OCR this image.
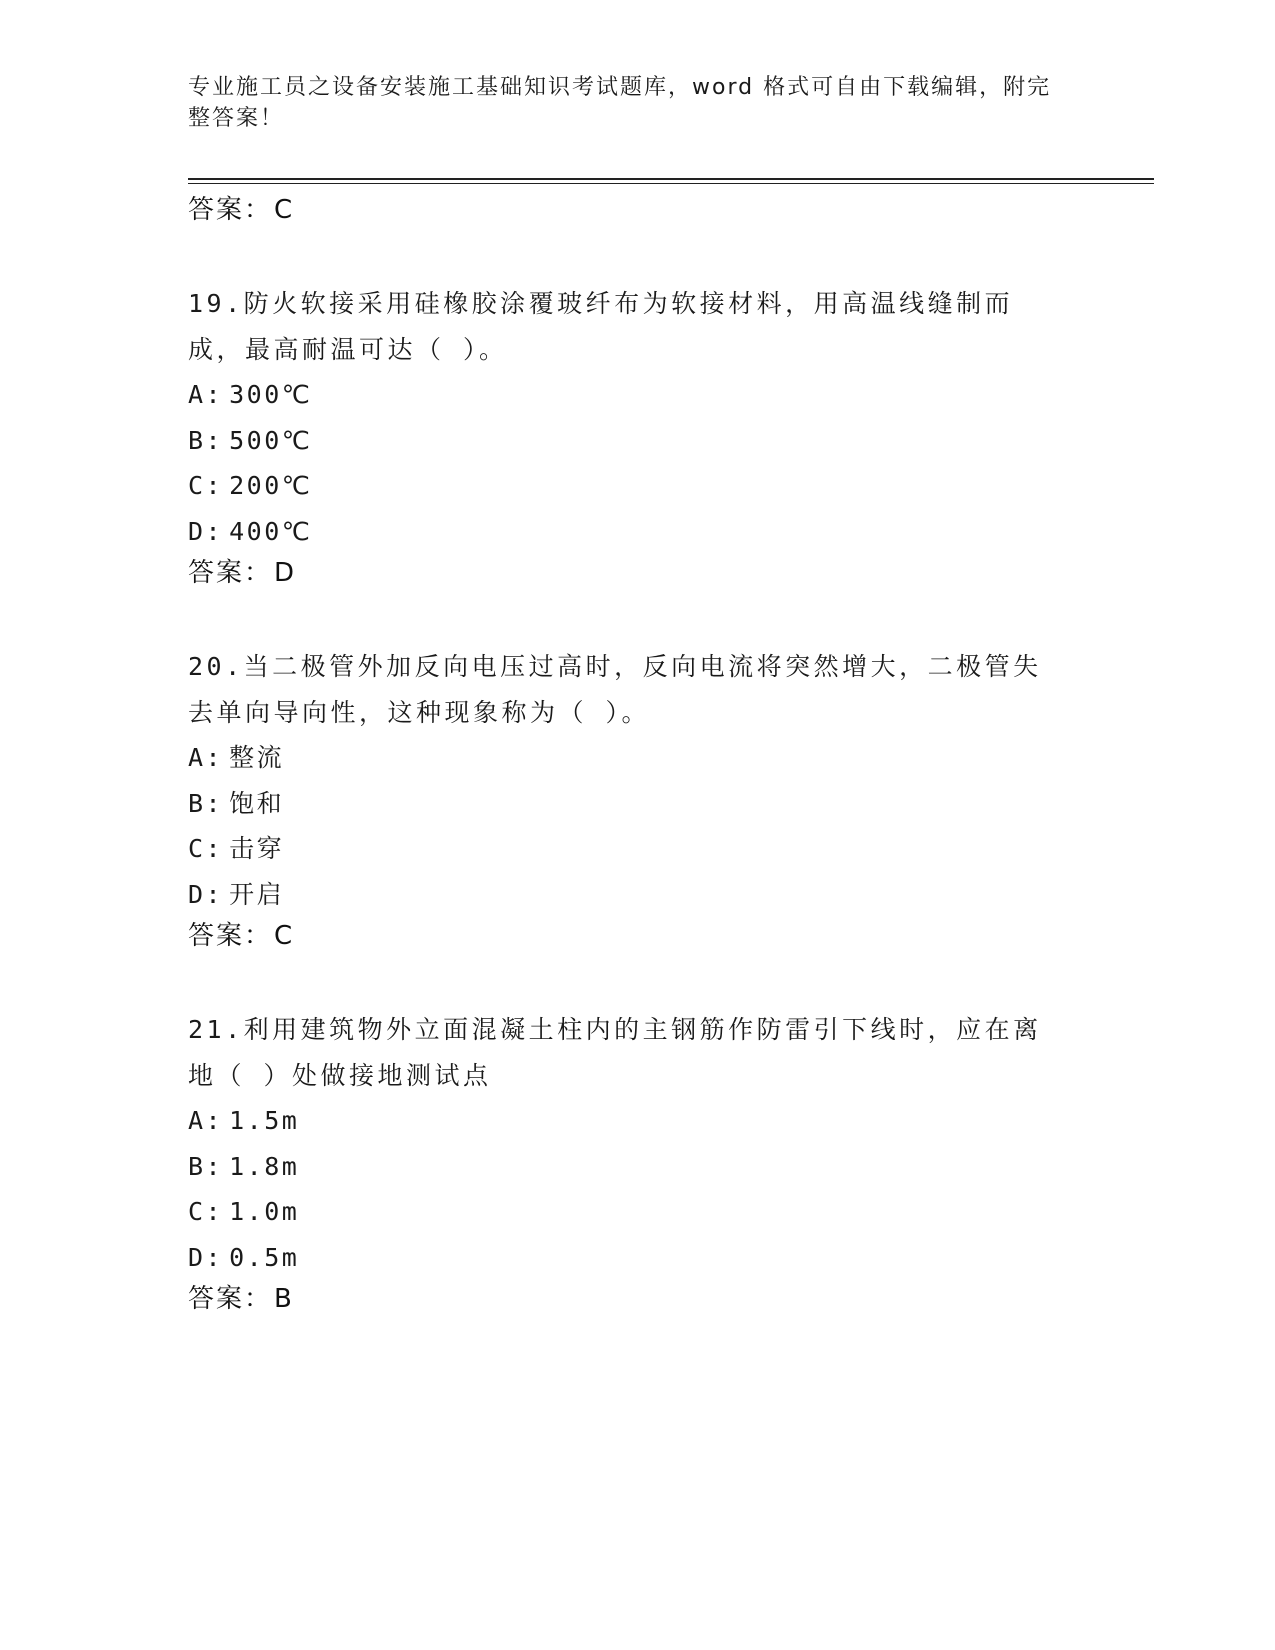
专业施工员之设备安装施工基础知识考试题库，word 格式可自由下载编辑，附完整答案！
答案：C
19.防火软接采用硅橡胶涂覆玻纤布为软接材料，用高温线缝制而成，最高耐温可达（ ）。
A: 300℃
B: 500℃
C: 200℃
D: 400℃
答案：D
20.当二极管外加反向电压过高时，反向电流将突然增大，二极管失去单向导向性，这种现象称为（ ）。
A: 整流
B: 饱和
C: 击穿
D: 开启
答案：C
21.利用建筑物外立面混凝土柱内的主钢筋作防雷引下线时，应在离地（ ）处做接地测试点
A: 1.5m
B: 1.8m
C: 1.0m
D: 0.5m
答案：B
